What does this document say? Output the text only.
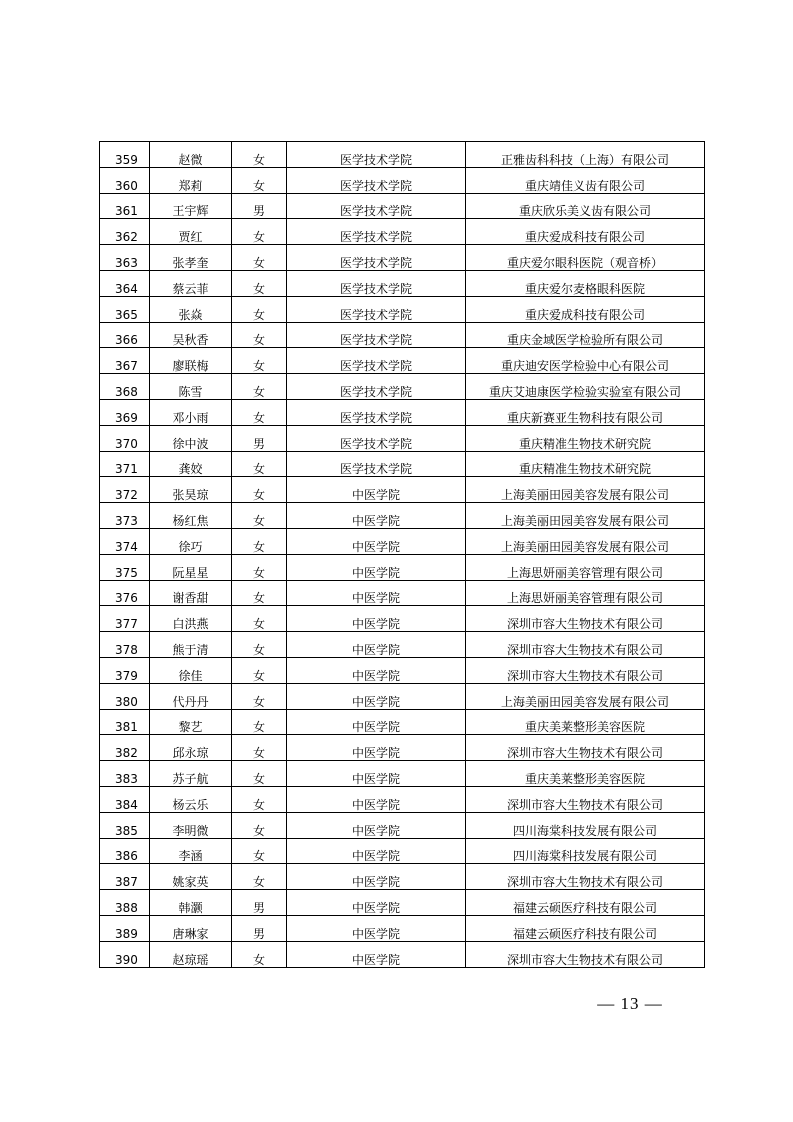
359	赵微	女	医学技术学院	正雅齿科科技（上海）有限公司
360	郑莉	女	医学技术学院	重庆靖佳义齿有限公司
361	王宇辉	男	医学技术学院	重庆欣乐美义齿有限公司
362	贾红	女	医学技术学院	重庆爱成科技有限公司
363	张孝奎	女	医学技术学院	重庆爱尔眼科医院（观音桥）
364	蔡云菲	女	医学技术学院	重庆爱尔麦格眼科医院
365	张焱	女	医学技术学院	重庆爱成科技有限公司
366	吴秋香	女	医学技术学院	重庆金域医学检验所有限公司
367	廖联梅	女	医学技术学院	重庆迪安医学检验中心有限公司
368	陈雪	女	医学技术学院	重庆艾迪康医学检验实验室有限公司
369	邓小雨	女	医学技术学院	重庆新赛亚生物科技有限公司
370	徐中波	男	医学技术学院	重庆精准生物技术研究院
371	龚姣	女	医学技术学院	重庆精准生物技术研究院
372	张昊琼	女	中医学院	上海美丽田园美容发展有限公司
373	杨红焦	女	中医学院	上海美丽田园美容发展有限公司
374	徐巧	女	中医学院	上海美丽田园美容发展有限公司
375	阮星星	女	中医学院	上海思妍丽美容管理有限公司
376	谢香甜	女	中医学院	上海思妍丽美容管理有限公司
377	白洪燕	女	中医学院	深圳市容大生物技术有限公司
378	熊于清	女	中医学院	深圳市容大生物技术有限公司
379	徐佳	女	中医学院	深圳市容大生物技术有限公司
380	代丹丹	女	中医学院	上海美丽田园美容发展有限公司
381	黎艺	女	中医学院	重庆美莱整形美容医院
382	邱永琼	女	中医学院	深圳市容大生物技术有限公司
383	苏子航	女	中医学院	重庆美莱整形美容医院
384	杨云乐	女	中医学院	深圳市容大生物技术有限公司
385	李明微	女	中医学院	四川海棠科技发展有限公司
386	李涵	女	中医学院	四川海棠科技发展有限公司
387	姚家英	女	中医学院	深圳市容大生物技术有限公司
388	韩灏	男	中医学院	福建云硕医疗科技有限公司
389	唐琳家	男	中医学院	福建云硕医疗科技有限公司
390	赵琼瑶	女	中医学院	深圳市容大生物技术有限公司
— 13 —
